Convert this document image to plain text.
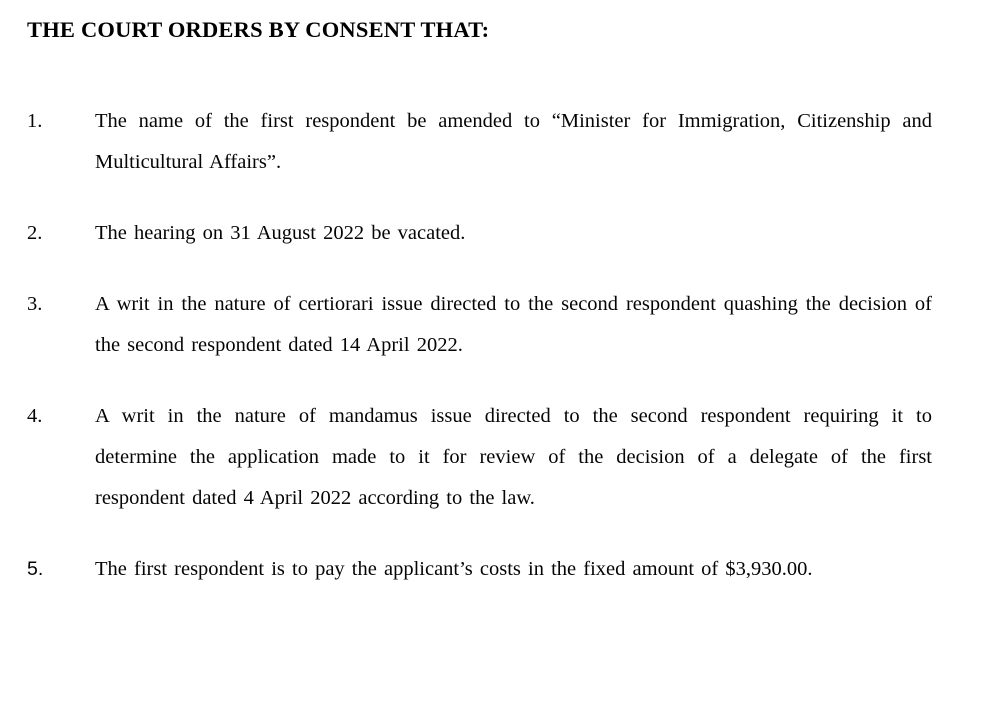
THE COURT ORDERS BY CONSENT THAT:
1.	The name of the first respondent be amended to “Minister for Immigration, Citizenship and Multicultural Affairs”.

2.	The hearing on 31 August 2022 be vacated.

3.	A writ in the nature of certiorari issue directed to the second respondent quashing the decision of the second respondent dated 14 April 2022.

4.	A writ in the nature of mandamus issue directed to the second respondent requiring it to determine the application made to it for review of the decision of a delegate of the first respondent dated 4 April 2022 according to the law.

5.	The first respondent is to pay the applicant’s costs in the fixed amount of $3,930.00.
